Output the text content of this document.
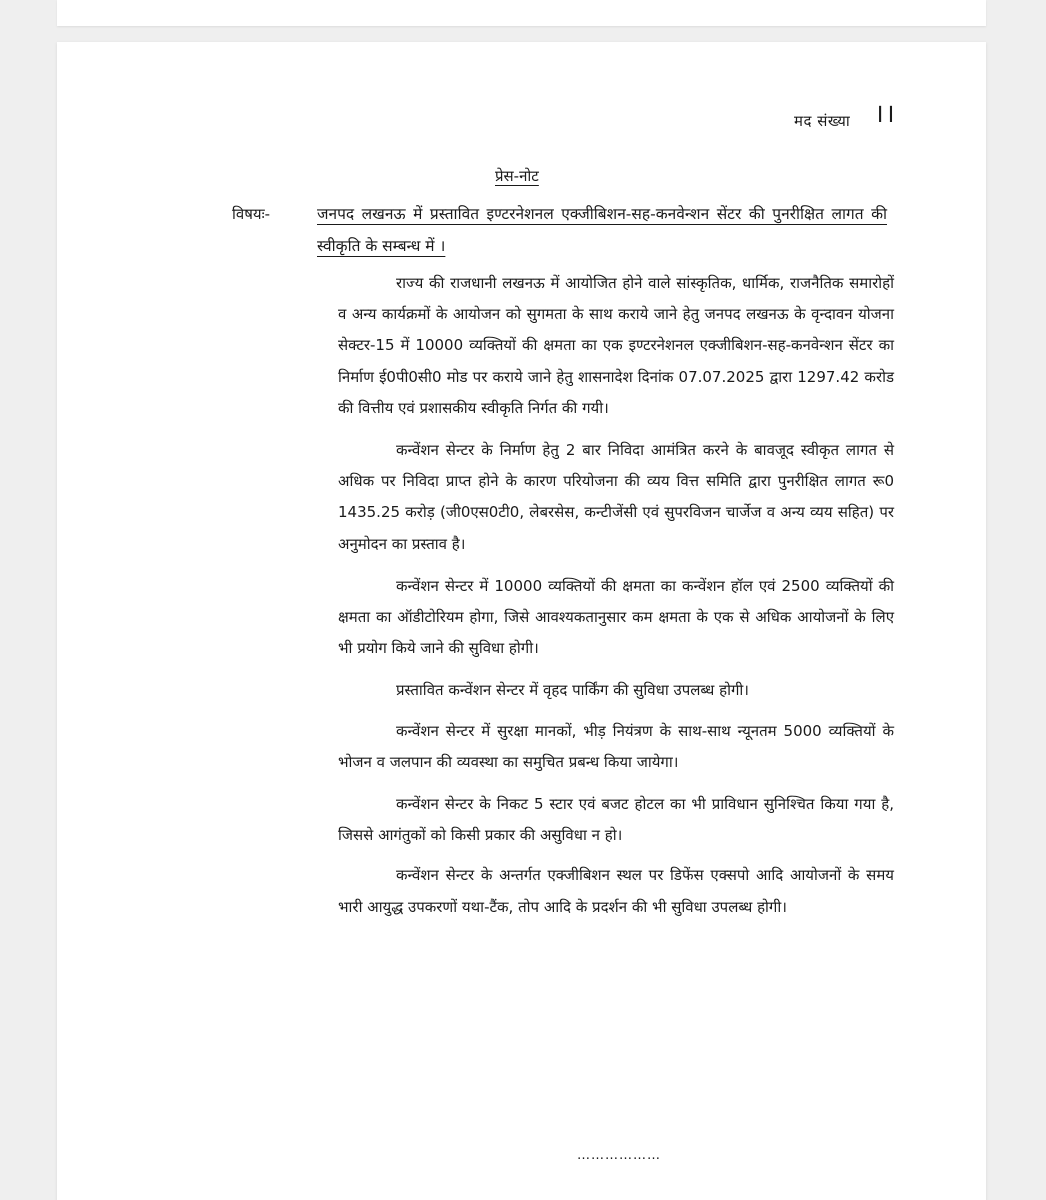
मद संख्या ।।
प्रेस-नोट
विषयः-	जनपद लखनऊ में प्रस्तावित इण्टरनेशनल एक्जीबिशन-सह-कनवेन्शन सेंटर की पुनरीक्षित लागत की स्वीकृति के सम्बन्ध में ।

राज्य की राजधानी लखनऊ में आयोजित होने वाले सांस्कृतिक, धार्मिक, राजनैतिक समारोहों व अन्य कार्यक्रमों के आयोजन को सुगमता के साथ कराये जाने हेतु जनपद लखनऊ के वृन्दावन योजना सेक्टर-15 में 10000 व्यक्तियों की क्षमता का एक इण्टरनेशनल एक्जीबिशन-सह-कनवेन्शन सेंटर का निर्माण ई0पी0सी0 मोड पर कराये जाने हेतु शासनादेश दिनांक 07.07.2025 द्वारा 1297.42 करोड की वित्तीय एवं प्रशासकीय स्वीकृति निर्गत की गयी।

कन्वेंशन सेन्टर के निर्माण हेतु 2 बार निविदा आमंत्रित करने के बावजूद स्वीकृत लागत से अधिक पर निविदा प्राप्त होने के कारण परियोजना की व्यय वित्त समिति द्वारा पुनरीक्षित लागत रू0 1435.25 करोड़ (जी0एस0टी0, लेबरसेस, कन्टीजेंसी एवं सुपरविजन चार्जेज व अन्य व्यय सहित) पर अनुमोदन का प्रस्ताव है।

कन्वेंशन सेन्टर में 10000 व्यक्तियों की क्षमता का कन्वेंशन हॉल एवं 2500 व्यक्तियों की क्षमता का ऑडीटोरियम होगा, जिसे आवश्यकतानुसार कम क्षमता के एक से अधिक आयोजनों के लिए भी प्रयोग किये जाने की सुविधा होगी।

प्रस्तावित कन्वेंशन सेन्टर में वृहद पार्किंग की सुविधा उपलब्ध होगी।

कन्वेंशन सेन्टर में सुरक्षा मानकों, भीड़ नियंत्रण के साथ-साथ न्यूनतम 5000 व्यक्तियों के भोजन व जलपान की व्यवस्था का समुचित प्रबन्ध किया जायेगा।

कन्वेंशन सेन्टर के निकट 5 स्टार एवं बजट होटल का भी प्राविधान सुनिश्चित किया गया है, जिससे आगंतुकों को किसी प्रकार की असुविधा न हो।

कन्वेंशन सेन्टर के अन्तर्गत एक्जीबिशन स्थल पर डिफेंस एक्सपो आदि आयोजनों के समय भारी आयुद्ध उपकरणों यथा-टैंक, तोप आदि के प्रदर्शन की भी सुविधा उपलब्ध होगी।

………………
